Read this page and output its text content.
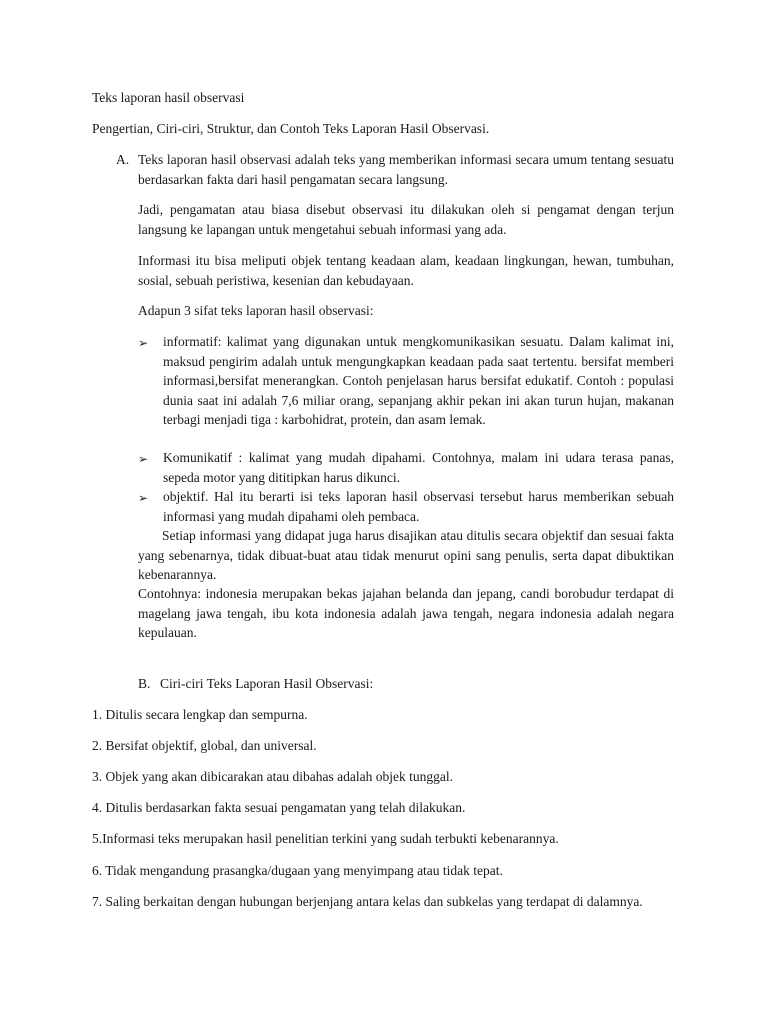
Teks laporan hasil observasi

Pengertian, Ciri-ciri, Struktur, dan Contoh Teks Laporan Hasil Observasi.

A. Teks laporan hasil observasi adalah teks yang memberikan informasi secara umum tentang sesuatu berdasarkan fakta dari hasil pengamatan secara langsung.

Jadi, pengamatan atau biasa disebut observasi itu dilakukan oleh si pengamat dengan terjun langsung ke lapangan untuk mengetahui sebuah informasi yang ada.

Informasi itu bisa meliputi objek tentang keadaan alam, keadaan lingkungan, hewan, tumbuhan, sosial, sebuah peristiwa, kesenian dan kebudayaan.

Adapun 3 sifat teks laporan hasil observasi:

➢ informatif: kalimat yang digunakan untuk mengkomunikasikan sesuatu. Dalam kalimat ini, maksud pengirim adalah untuk mengungkapkan keadaan pada saat tertentu. bersifat memberi informasi,bersifat menerangkan. Contoh penjelasan harus bersifat edukatif. Contoh : populasi dunia saat ini adalah 7,6 miliar orang, sepanjang akhir pekan ini akan turun hujan, makanan terbagi menjadi tiga : karbohidrat, protein, dan asam lemak.

➢ Komunikatif : kalimat yang mudah dipahami. Contohnya, malam ini udara terasa panas, sepeda motor yang dititipkan harus dikunci.

➢ objektif. Hal itu berarti isi teks laporan hasil observasi tersebut harus memberikan sebuah informasi yang mudah dipahami oleh pembaca.

Setiap informasi yang didapat juga harus disajikan atau ditulis secara objektif dan sesuai fakta yang sebenarnya, tidak dibuat-buat atau tidak menurut opini sang penulis, serta dapat dibuktikan kebenarannya.

Contohnya: indonesia merupakan bekas jajahan belanda dan jepang, candi borobudur terdapat di magelang jawa tengah, ibu kota indonesia adalah jawa tengah, negara indonesia adalah negara kepulauan.

B. Ciri-ciri Teks Laporan Hasil Observasi:

1. Ditulis secara lengkap dan sempurna.

2. Bersifat objektif, global, dan universal.

3. Objek yang akan dibicarakan atau dibahas adalah objek tunggal.

4. Ditulis berdasarkan fakta sesuai pengamatan yang telah dilakukan.

5.Informasi teks merupakan hasil penelitian terkini yang sudah terbukti kebenarannya.

6. Tidak mengandung prasangka/dugaan yang menyimpang atau tidak tepat.

7. Saling berkaitan dengan hubungan berjenjang antara kelas dan subkelas yang terdapat di dalamnya.
